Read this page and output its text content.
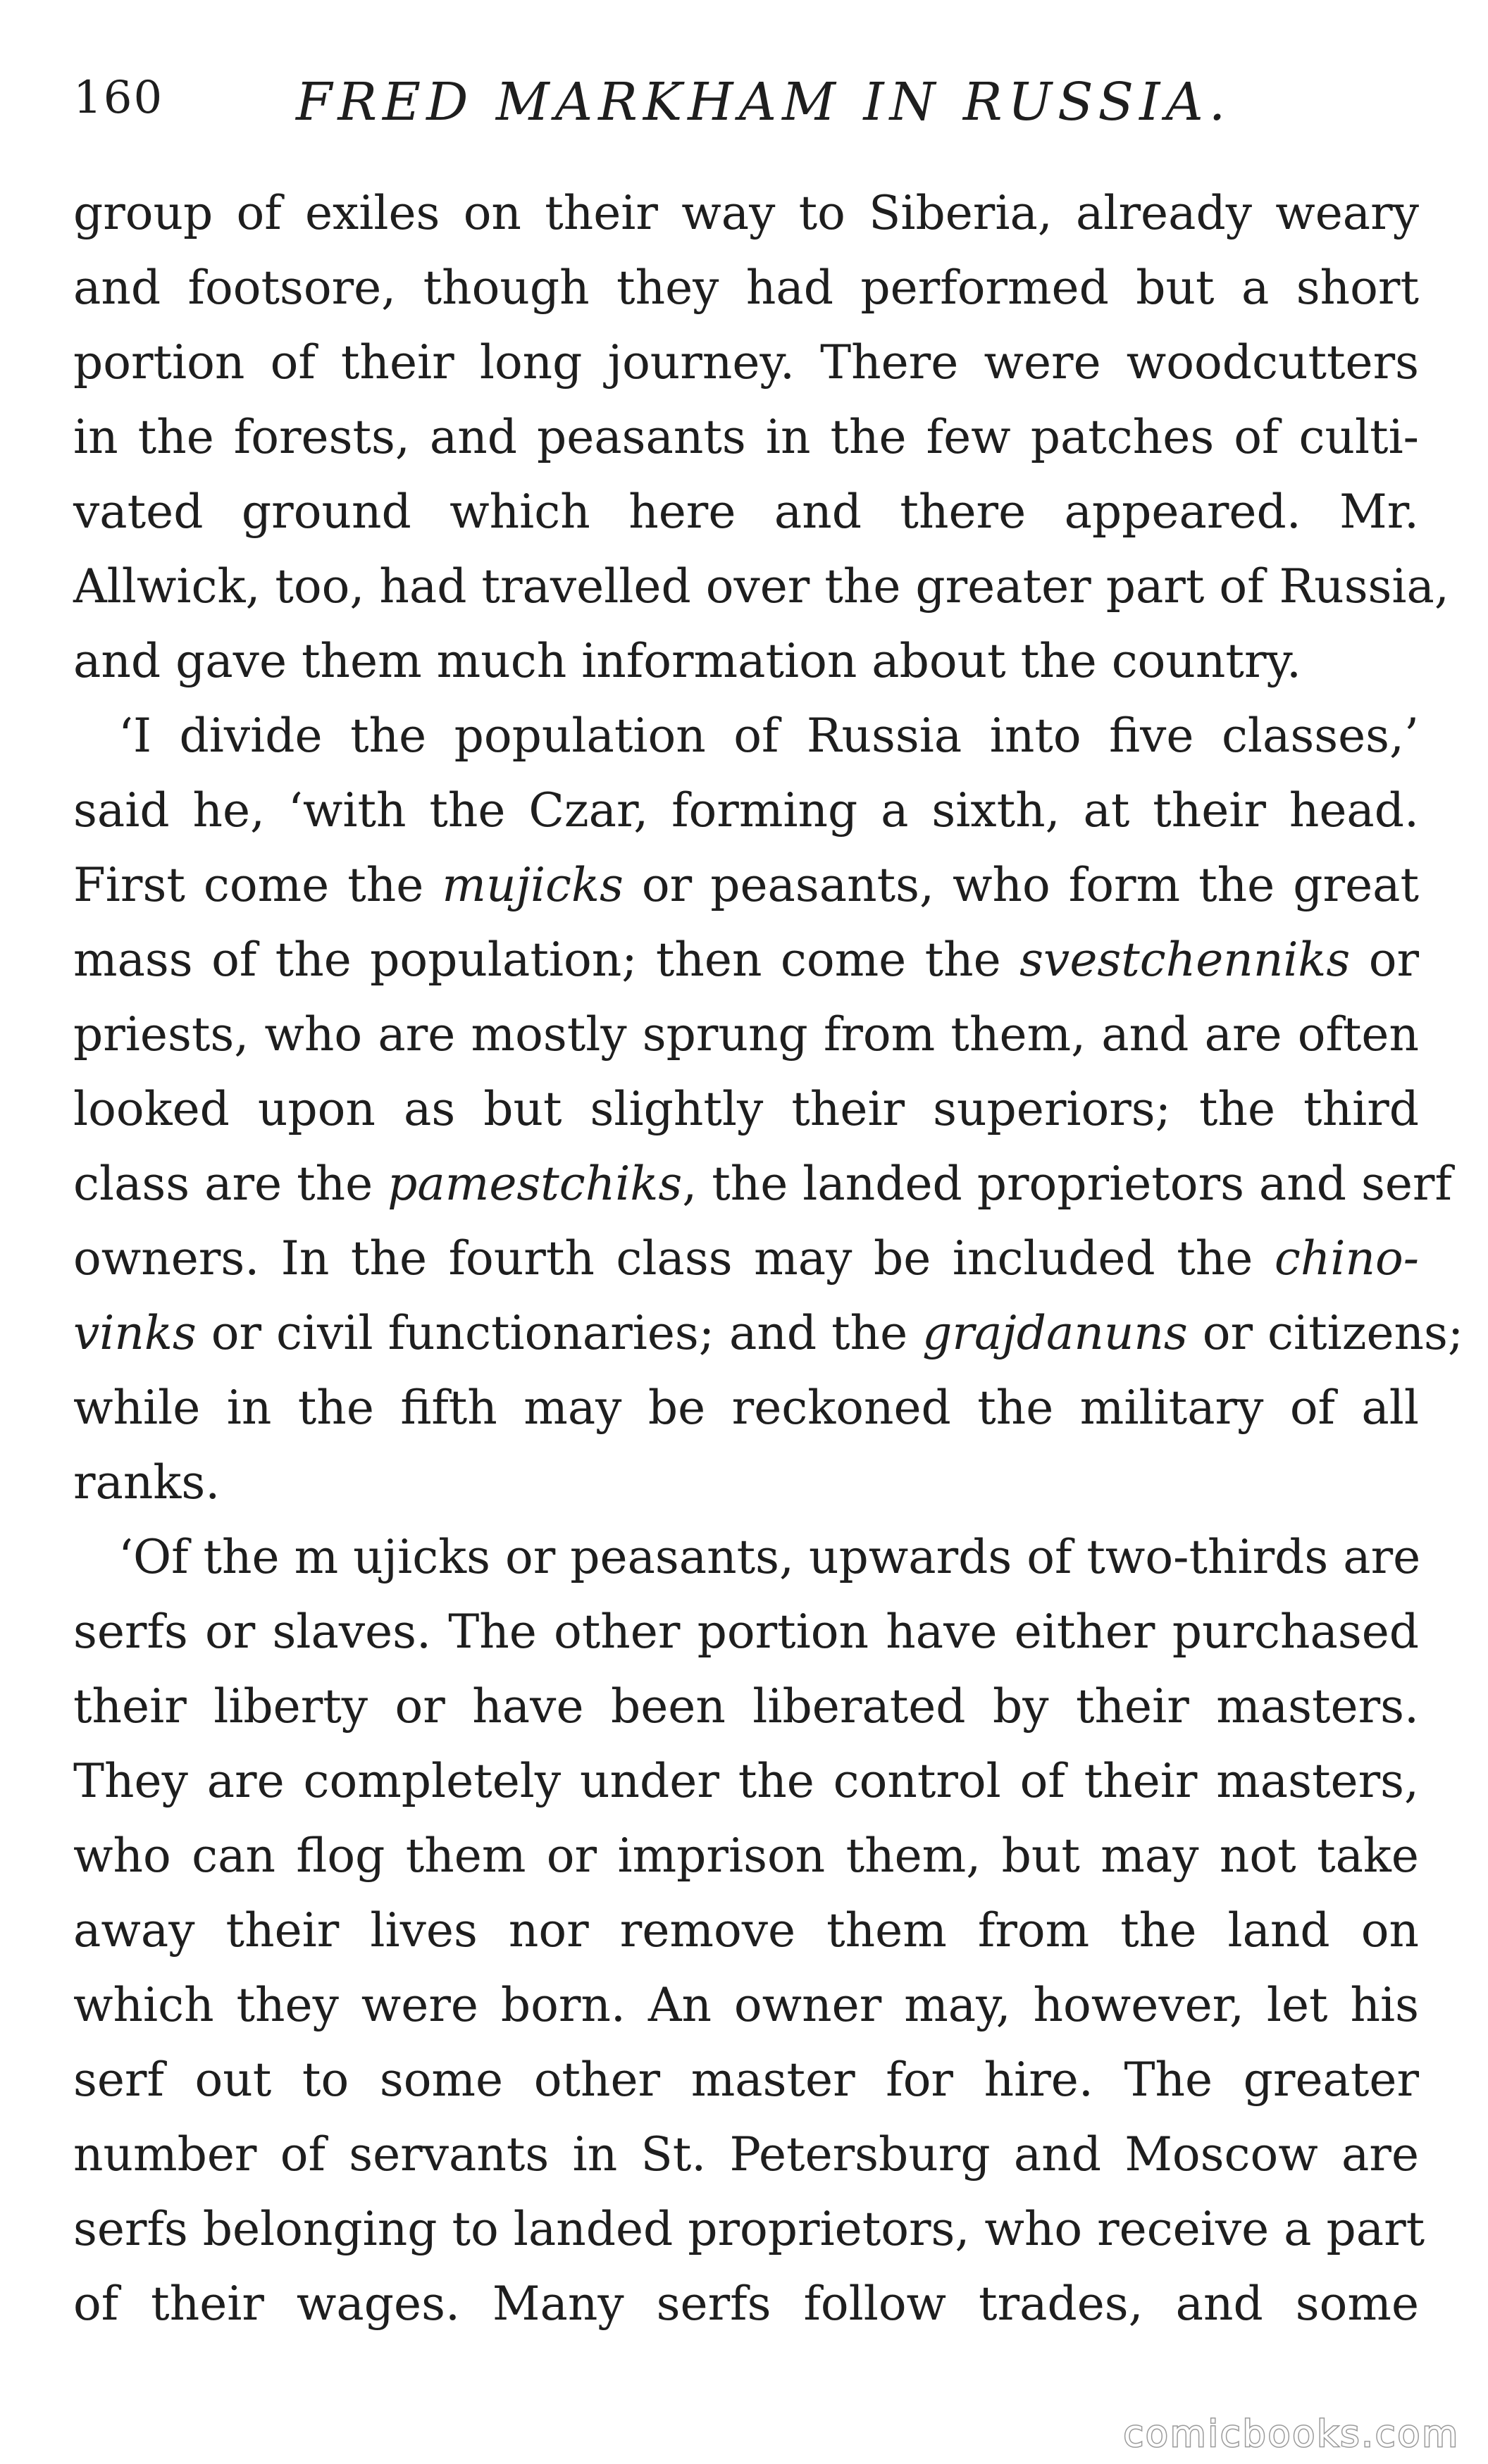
160	FRED MARKHAM IN RUSSIA.
group of exiles on their way to Siberia, already weary
and footsore, though they had performed but a short
portion of their long journey. There were woodcutters
in the forests, and peasants in the few patches of culti-
vated ground which here and there appeared. Mr.
Allwick, too, had travelled over the greater part of Russia,
and gave them much information about the country.
‘I divide the population of Russia into five classes,’
said he, ‘with the Czar, forming a sixth, at their head.
First come the mujicks or peasants, who form the great
mass of the population; then come the svestchenniks or
priests, who are mostly sprung from them, and are often
looked upon as but slightly their superiors; the third
class are the pamestchiks, the landed proprietors and serf
owners. In the fourth class may be included the chino-
vinks or civil functionaries; and the grajdanuns or citizens;
while in the fifth may be reckoned the military of all
ranks.
‘Of the m ujicks or peasants, upwards of two-thirds are
serfs or slaves. The other portion have either purchased
their liberty or have been liberated by their masters.
They are completely under the control of their masters,
who can flog them or imprison them, but may not take
away their lives nor remove them from the land on
which they were born. An owner may, however, let his
serf out to some other master for hire. The greater
number of servants in St. Petersburg and Moscow are
serfs belonging to landed proprietors, who receive a part
of their wages. Many serfs follow trades, and some
comicbooks.com
